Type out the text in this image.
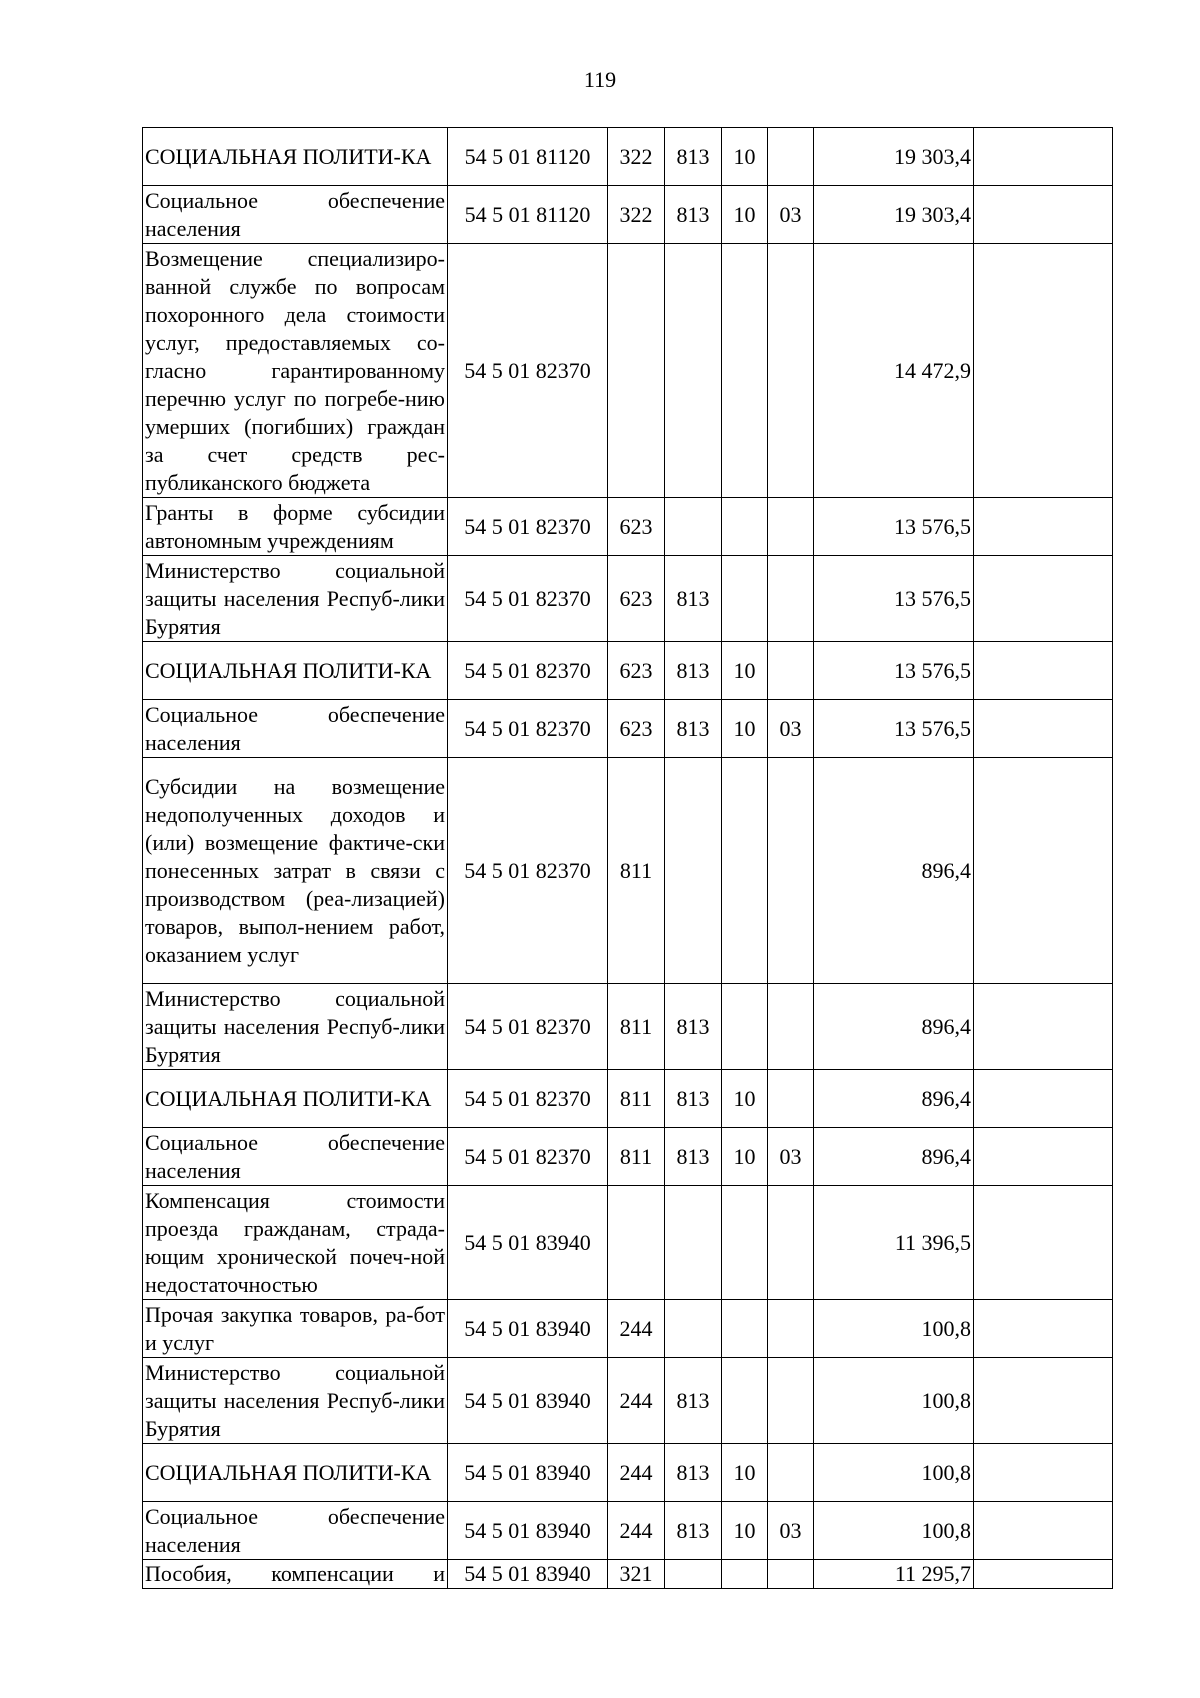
119
СОЦИАЛЬНАЯ ПОЛИТИ-КА	54 5 01 81120	322	813	10		19 303,4	
Социальное обеспечение населения	54 5 01 81120	322	813	10	03	19 303,4	
Возмещение специализиро-ванной службе по вопросам похоронного дела стоимости услуг, предоставляемых со-гласно гарантированному перечню услуг по погребе-нию умерших (погибших) граждан за счет средств рес-публиканского бюджета	54 5 01 82370					14 472,9	
Гранты в форме субсидии автономным учреждениям	54 5 01 82370	623				13 576,5	
Министерство социальной защиты населения Респуб-лики Бурятия	54 5 01 82370	623	813			13 576,5	
СОЦИАЛЬНАЯ ПОЛИТИ-КА	54 5 01 82370	623	813	10		13 576,5	
Социальное обеспечение населения	54 5 01 82370	623	813	10	03	13 576,5	
Субсидии на возмещение недополученных доходов и (или) возмещение фактиче-ски понесенных затрат в связи с производством (реа-лизацией) товаров, выпол-нением работ, оказанием услуг	54 5 01 82370	811				896,4	
Министерство социальной защиты населения Респуб-лики Бурятия	54 5 01 82370	811	813			896,4	
СОЦИАЛЬНАЯ ПОЛИТИ-КА	54 5 01 82370	811	813	10		896,4	
Социальное обеспечение населения	54 5 01 82370	811	813	10	03	896,4	
Компенсация стоимости проезда гражданам, страда-ющим хронической почеч-ной недостаточностью	54 5 01 83940					11 396,5	
Прочая закупка товаров, ра-бот и услуг	54 5 01 83940	244				100,8	
Министерство социальной защиты населения Респуб-лики Бурятия	54 5 01 83940	244	813			100,8	
СОЦИАЛЬНАЯ ПОЛИТИ-КА	54 5 01 83940	244	813	10		100,8	
Социальное обеспечение населения	54 5 01 83940	244	813	10	03	100,8	
Пособия, компенсации и	54 5 01 83940	321				11 295,7	
